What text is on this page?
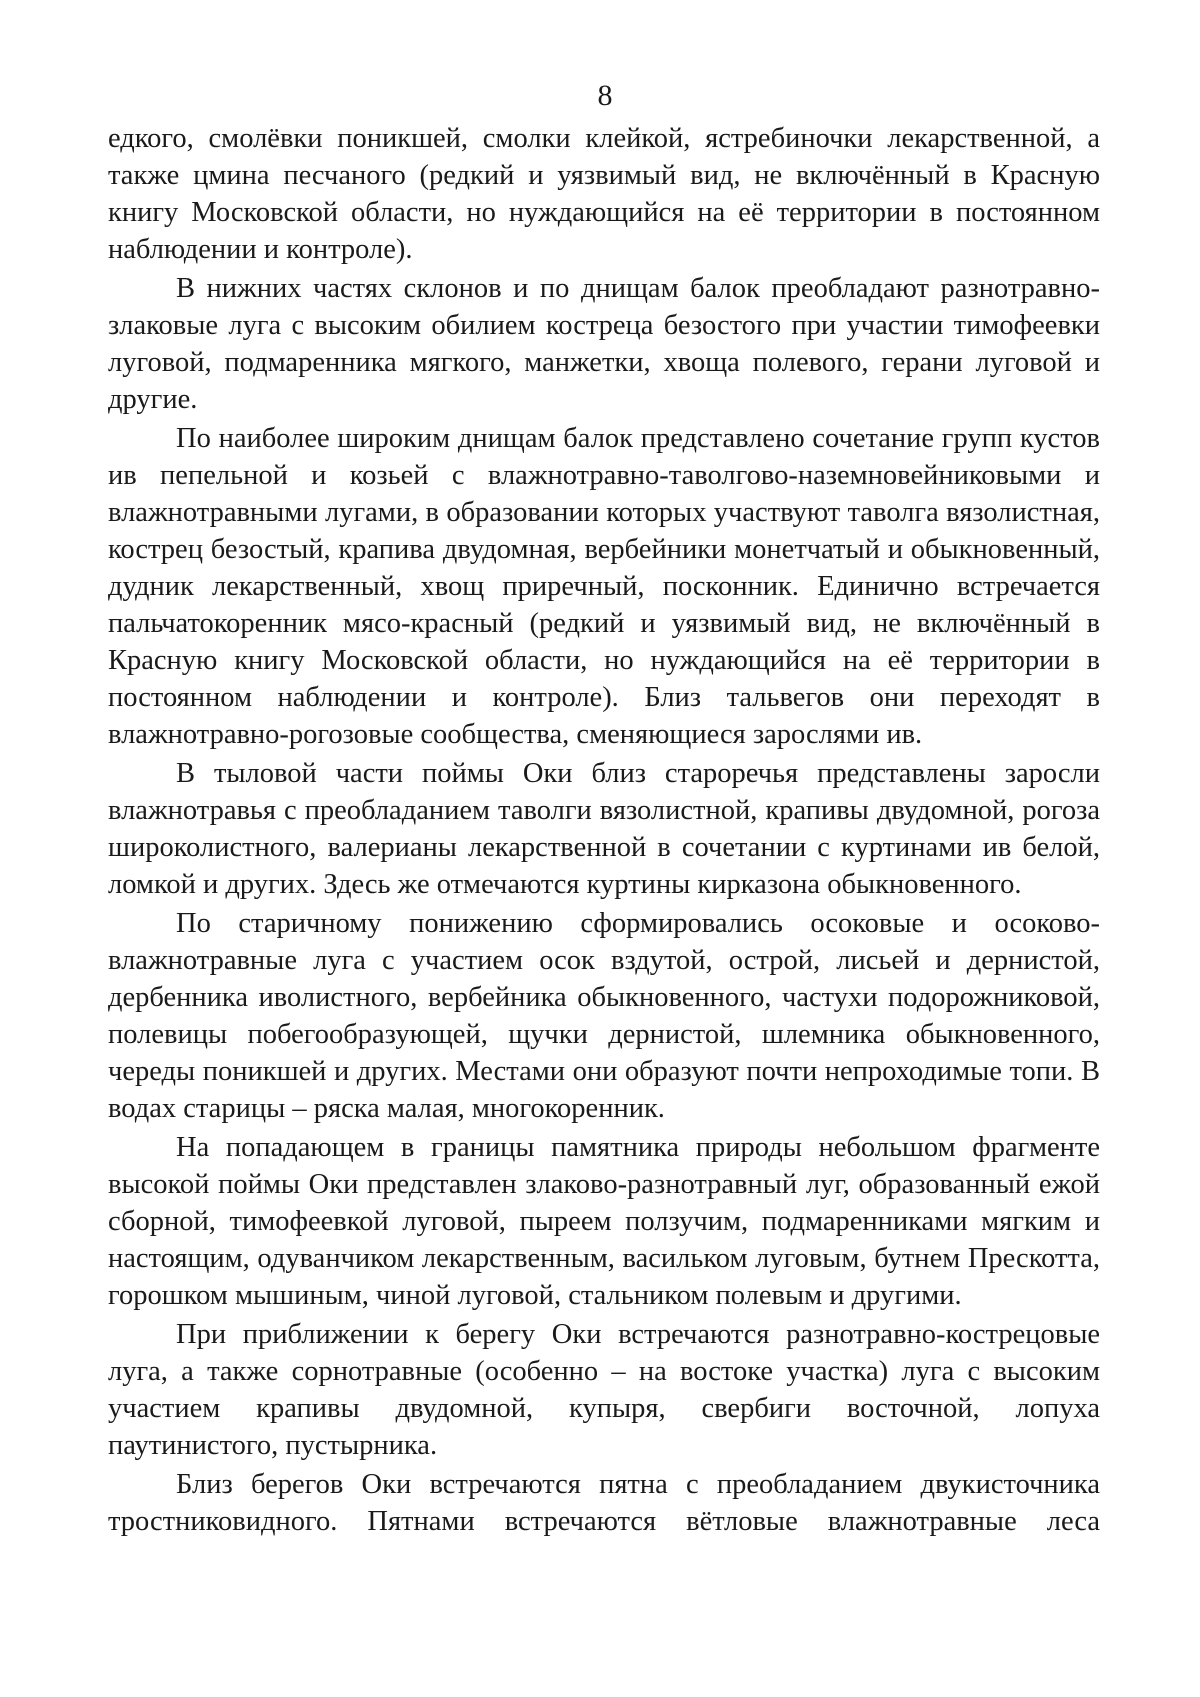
8

едкого, смолёвки поникшей, смолки клейкой, ястребиночки лекарственной, а также цмина песчаного (редкий и уязвимый вид, не включённый в Красную книгу Московской области, но нуждающийся на её территории в постоянном наблюдении и контроле).

В нижних частях склонов и по днищам балок преобладают разнотравно-злаковые луга с высоким обилием костреца безостого при участии тимофеевки луговой, подмаренника мягкого, манжетки, хвоща полевого, герани луговой и другие.

По наиболее широким днищам балок представлено сочетание групп кустов ив пепельной и козьей с влажнотравно-таволгово-наземновейниковыми и влажнотравными лугами, в образовании которых участвуют таволга вязолистная, кострец безостый, крапива двудомная, вербейники монетчатый и обыкновенный, дудник лекарственный, хвощ приречный, посконник. Единично встречается пальчатокоренник мясо-красный (редкий и уязвимый вид, не включённый в Красную книгу Московской области, но нуждающийся на её территории в постоянном наблюдении и контроле). Близ тальвегов они переходят в влажнотравно-рогозовые сообщества, сменяющиеся зарослями ив.

В тыловой части поймы Оки близ староречья представлены заросли влажнотравья с преобладанием таволги вязолистной, крапивы двудомной, рогоза широколистного, валерианы лекарственной в сочетании с куртинами ив белой, ломкой и других. Здесь же отмечаются куртины кирказона обыкновенного.

По старичному понижению сформировались осоковые и осоково-влажнотравные луга с участием осок вздутой, острой, лисьей и дернистой, дербенника иволистного, вербейника обыкновенного, частухи подорожниковой, полевицы побегообразующей, щучки дернистой, шлемника обыкновенного, череды поникшей и других. Местами они образуют почти непроходимые топи. В водах старицы – ряска малая, многокоренник.

На попадающем в границы памятника природы небольшом фрагменте высокой поймы Оки представлен злаково-разнотравный луг, образованный ежой сборной, тимофеевкой луговой, пыреем ползучим, подмаренниками мягким и настоящим, одуванчиком лекарственным, васильком луговым, бутнем Прескотта, горошком мышиным, чиной луговой, стальником полевым и другими.

При приближении к берегу Оки встречаются разнотравно-кострецовые луга, а также сорнотравные (особенно – на востоке участка) луга с высоким участием крапивы двудомной, купыря, свербиги восточной, лопуха паутинистого, пустырника.

Близ берегов Оки встречаются пятна с преобладанием двукисточника тростниковидного. Пятнами встречаются вётловые влажнотравные леса
